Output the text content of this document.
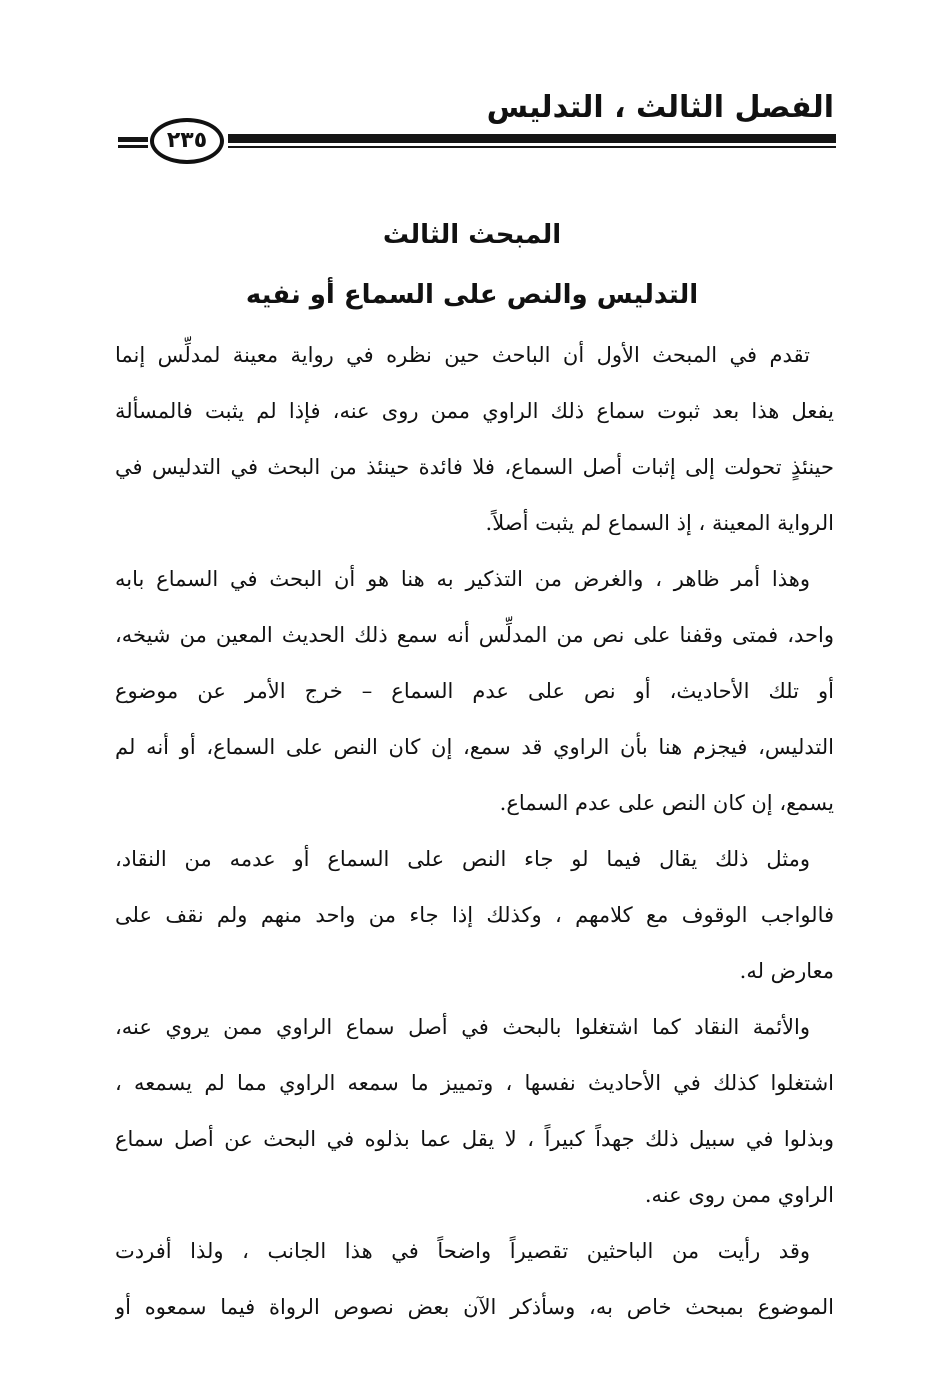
الفصل الثالث ، التدليس
٢٣٥
المبحث الثالث
التدليس والنص على السماع أو نفيه

تقدم في المبحث الأول أن الباحث حين نظره في رواية معينة لمدلِّس إنما
يفعل هذا بعد ثبوت سماع ذلك الراوي ممن روى عنه، فإذا لم يثبت فالمسألة
حينئذٍ تحولت إلى إثبات أصل السماع، فلا فائدة حينئذ من البحث في التدليس في
الرواية المعينة ، إذ السماع لم يثبت أصلاً.

وهذا أمر ظاهر ، والغرض من التذكير به هنا هو أن البحث في السماع بابه
واحد، فمتى وقفنا على نص من المدلِّس أنه سمع ذلك الحديث المعين من شيخه،
أو تلك الأحاديث، أو نص على عدم السماع – خرج الأمر عن موضوع
التدليس، فيجزم هنا بأن الراوي قد سمع، إن كان النص على السماع، أو أنه لم
يسمع، إن كان النص على عدم السماع.

ومثل ذلك يقال فيما لو جاء النص على السماع أو عدمه من النقاد،
فالواجب الوقوف مع كلامهم ، وكذلك إذا جاء من واحد منهم ولم نقف على
معارض له.

والأئمة النقاد كما اشتغلوا بالبحث في أصل سماع الراوي ممن يروي عنه،
اشتغلوا كذلك في الأحاديث نفسها ، وتمييز ما سمعه الراوي مما لم يسمعه ،
وبذلوا في سبيل ذلك جهداً كبيراً ، لا يقل عما بذلوه في البحث عن أصل سماع
الراوي ممن روى عنه.

وقد رأيت من الباحثين تقصيراً واضحاً في هذا الجانب ، ولذا أفردت
الموضوع بمبحث خاص به، وسأذكر الآن بعض نصوص الرواة فيما سمعوه أو
